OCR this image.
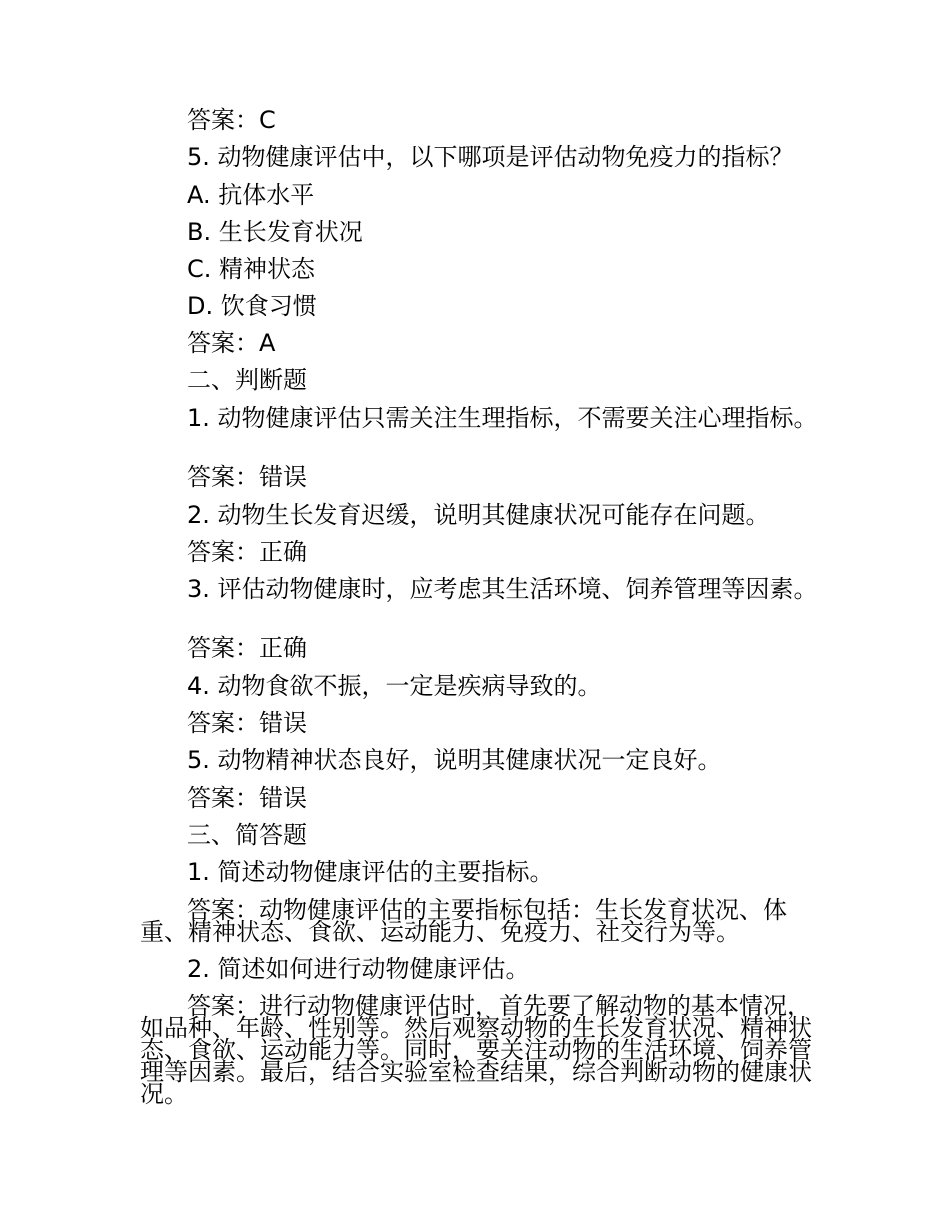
答案：C

5. 动物健康评估中，以下哪项是评估动物免疫力的指标？

A. 抗体水平

B. 生长发育状况

C. 精神状态

D. 饮食习惯

答案：A

二、判断题

1. 动物健康评估只需关注生理指标，不需要关注心理指标。

答案：错误

2. 动物生长发育迟缓，说明其健康状况可能存在问题。

答案：正确

3. 评估动物健康时，应考虑其生活环境、饲养管理等因素。

答案：正确

4. 动物食欲不振，一定是疾病导致的。

答案：错误

5. 动物精神状态良好，说明其健康状况一定良好。

答案：错误

三、简答题

1. 简述动物健康评估的主要指标。

答案：动物健康评估的主要指标包括：生长发育状况、体重、精神状态、食欲、运动能力、免疫力、社交行为等。

2. 简述如何进行动物健康评估。

答案：进行动物健康评估时，首先要了解动物的基本情况，如品种、年龄、性别等。然后观察动物的生长发育状况、精神状态、食欲、运动能力等。同时，要关注动物的生活环境、饲养管理等因素。最后，结合实验室检查结果，综合判断动物的健康状况。
